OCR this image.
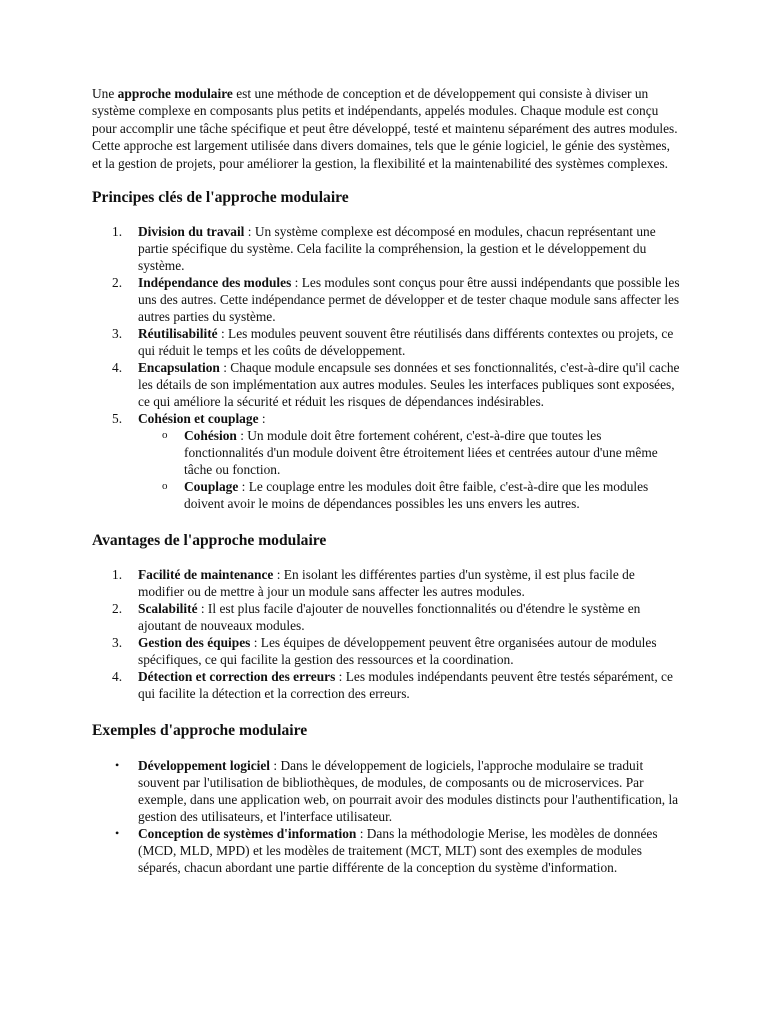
Une approche modulaire est une méthode de conception et de développement qui consiste à diviser un système complexe en composants plus petits et indépendants, appelés modules. Chaque module est conçu pour accomplir une tâche spécifique et peut être développé, testé et maintenu séparément des autres modules. Cette approche est largement utilisée dans divers domaines, tels que le génie logiciel, le génie des systèmes, et la gestion de projets, pour améliorer la gestion, la flexibilité et la maintenabilité des systèmes complexes.

Principes clés de l'approche modulaire
1. Division du travail : Un système complexe est décomposé en modules, chacun représentant une partie spécifique du système. Cela facilite la compréhension, la gestion et le développement du système.
2. Indépendance des modules : Les modules sont conçus pour être aussi indépendants que possible les uns des autres. Cette indépendance permet de développer et de tester chaque module sans affecter les autres parties du système.
3. Réutilisabilité : Les modules peuvent souvent être réutilisés dans différents contextes ou projets, ce qui réduit le temps et les coûts de développement.
4. Encapsulation : Chaque module encapsule ses données et ses fonctionnalités, c'est-à-dire qu'il cache les détails de son implémentation aux autres modules. Seules les interfaces publiques sont exposées, ce qui améliore la sécurité et réduit les risques de dépendances indésirables.
5. Cohésion et couplage :
o Cohésion : Un module doit être fortement cohérent, c'est-à-dire que toutes les fonctionnalités d'un module doivent être étroitement liées et centrées autour d'une même tâche ou fonction.
o Couplage : Le couplage entre les modules doit être faible, c'est-à-dire que les modules doivent avoir le moins de dépendances possibles les uns envers les autres.
Avantages de l'approche modulaire
1. Facilité de maintenance : En isolant les différentes parties d'un système, il est plus facile de modifier ou de mettre à jour un module sans affecter les autres modules.
2. Scalabilité : Il est plus facile d'ajouter de nouvelles fonctionnalités ou d'étendre le système en ajoutant de nouveaux modules.
3. Gestion des équipes : Les équipes de développement peuvent être organisées autour de modules spécifiques, ce qui facilite la gestion des ressources et la coordination.
4. Détection et correction des erreurs : Les modules indépendants peuvent être testés séparément, ce qui facilite la détection et la correction des erreurs.
Exemples d'approche modulaire
• Développement logiciel : Dans le développement de logiciels, l'approche modulaire se traduit souvent par l'utilisation de bibliothèques, de modules, de composants ou de microservices. Par exemple, dans une application web, on pourrait avoir des modules distincts pour l'authentification, la gestion des utilisateurs, et l'interface utilisateur.
• Conception de systèmes d'information : Dans la méthodologie Merise, les modèles de données (MCD, MLD, MPD) et les modèles de traitement (MCT, MLT) sont des exemples de modules séparés, chacun abordant une partie différente de la conception du système d'information.
